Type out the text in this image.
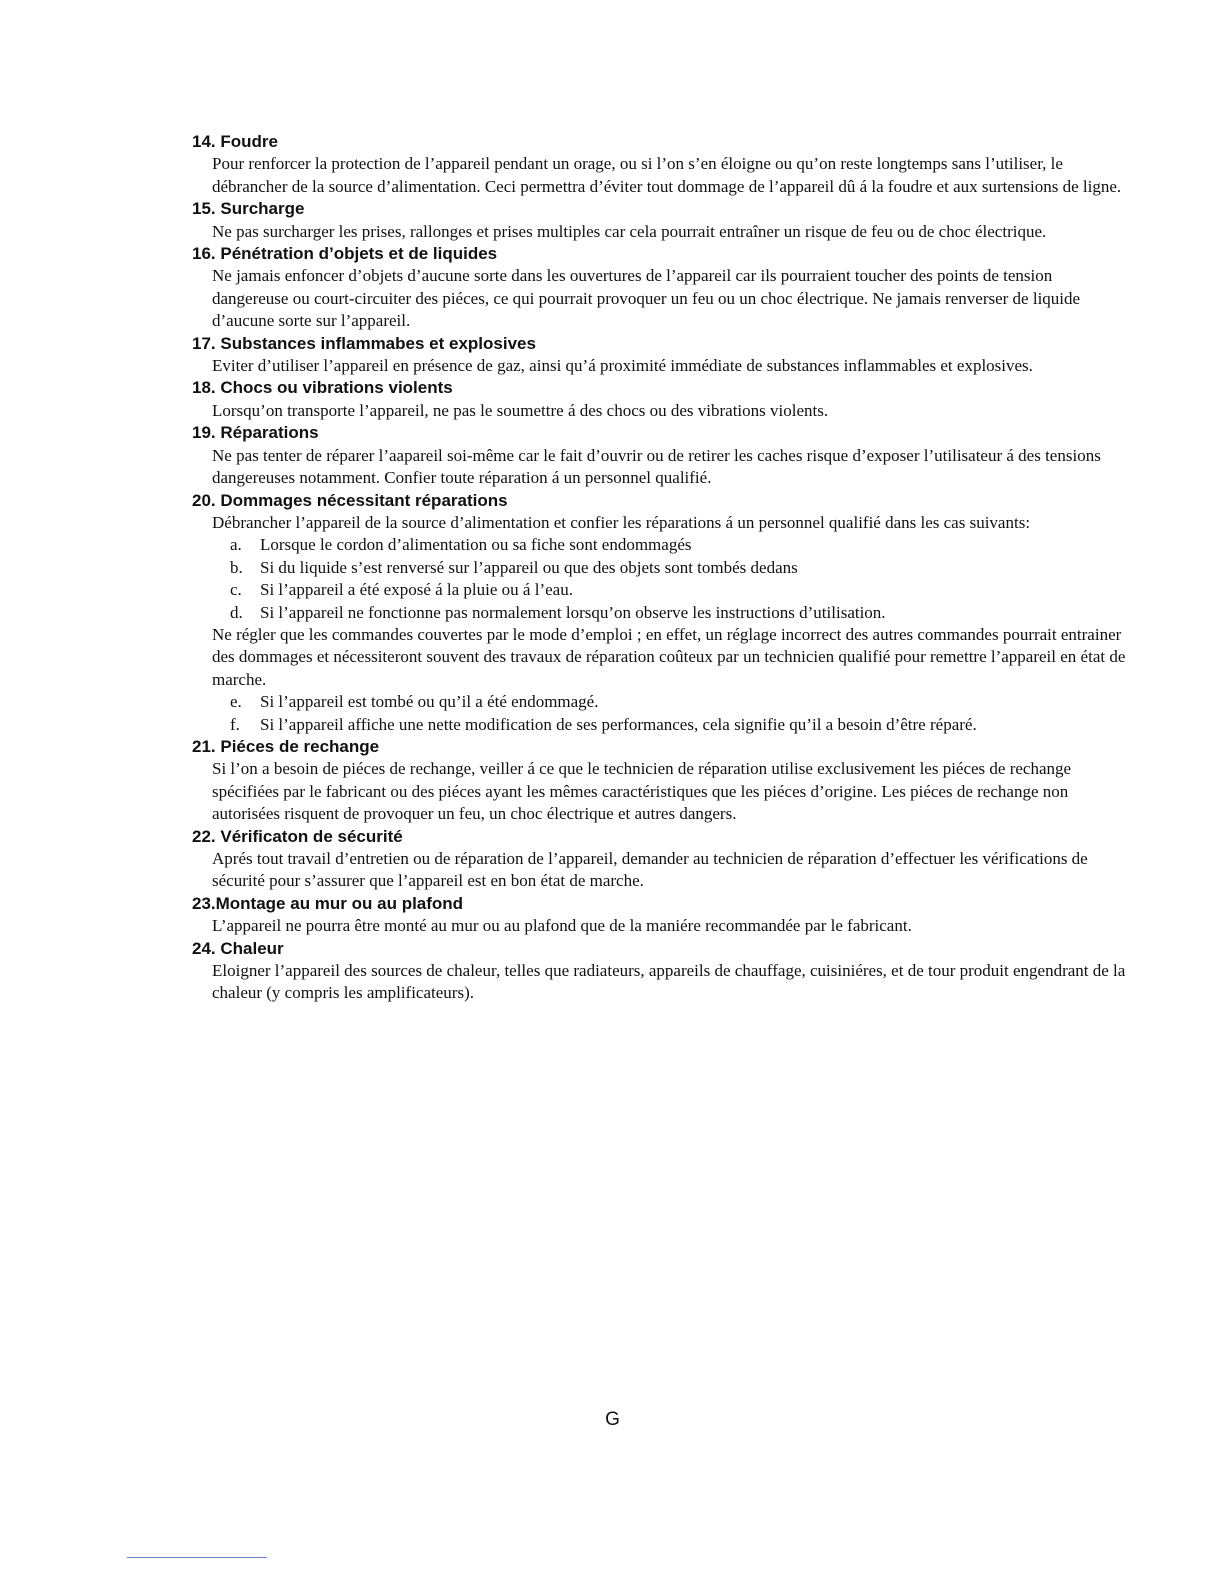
14. Foudre

Pour renforcer la protection de l’appareil pendant un orage, ou si l’on s’en éloigne ou qu’on reste longtemps sans l’utiliser, le débrancher de la source d’alimentation. Ceci permettra d’éviter tout dommage de l’appareil dû á la foudre et aux surtensions de ligne.

15. Surcharge

Ne pas surcharger les prises, rallonges et prises multiples car cela pourrait entraîner un risque de feu ou de choc électrique.

16. Pénétration d’objets et de liquides

Ne jamais enfoncer d’objets d’aucune sorte dans les ouvertures de l’appareil car ils pourraient toucher des points de tension dangereuse ou court-circuiter des piéces, ce qui pourrait provoquer un feu ou un choc électrique. Ne jamais renverser de liquide d’aucune sorte sur l’appareil.

17. Substances inflammabes et explosives

Eviter d’utiliser l’appareil en présence de gaz, ainsi qu’á proximité immédiate de substances inflammables et explosives.

18. Chocs ou vibrations violents

Lorsqu’on transporte l’appareil, ne pas le soumettre á des chocs ou des vibrations violents.

19. Réparations

Ne pas tenter de réparer l’aapareil soi-même car le fait d’ouvrir ou de retirer les caches risque d’exposer l’utilisateur á des tensions dangereuses notamment. Confier toute réparation á un personnel qualifié.

20. Dommages nécessitant réparations

Débrancher l’appareil de la source d’alimentation et confier les réparations á un personnel qualifié dans les cas suivants:

a. Lorsque le cordon d’alimentation ou sa fiche sont endommagés

b. Si du liquide s’est renversé sur l’appareil ou que des objets sont tombés dedans

c. Si l’appareil a été exposé á la pluie ou á l’eau.

d. Si l’appareil ne fonctionne pas normalement lorsqu’on observe les instructions d’utilisation.

Ne régler que les commandes couvertes par le mode d’emploi ; en effet, un réglage incorrect des autres commandes pourrait entrainer des dommages et nécessiteront souvent des travaux de réparation coûteux par un technicien qualifié pour remettre l’appareil en état de marche.

e. Si l’appareil est tombé ou qu’il a été endommagé.

f. Si l’appareil affiche une nette modification de ses performances, cela signifie qu’il a besoin d’être réparé.

21. Piéces de rechange

Si l’on a besoin de piéces de rechange, veiller á ce que le technicien de réparation utilise exclusivement les piéces de rechange spécifiées par le fabricant ou des piéces ayant les mêmes caractéristiques que les piéces d’origine. Les piéces de rechange non autorisées risquent de provoquer un feu, un choc électrique et autres dangers.

22. Vérificaton de sécurité

Aprés tout travail d’entretien ou de réparation de l’appareil, demander au technicien de réparation d’effectuer les vérifications de sécurité pour s’assurer que l’appareil est en bon état de marche.

23.Montage au mur ou au plafond

L’appareil ne pourra être monté au mur ou au plafond que de la maniére recommandée par le fabricant.

24. Chaleur

Eloigner l’appareil des sources de chaleur, telles que radiateurs, appareils de chauffage, cuisiniéres, et de tour produit engendrant de la chaleur (y compris les amplificateurs).

G
